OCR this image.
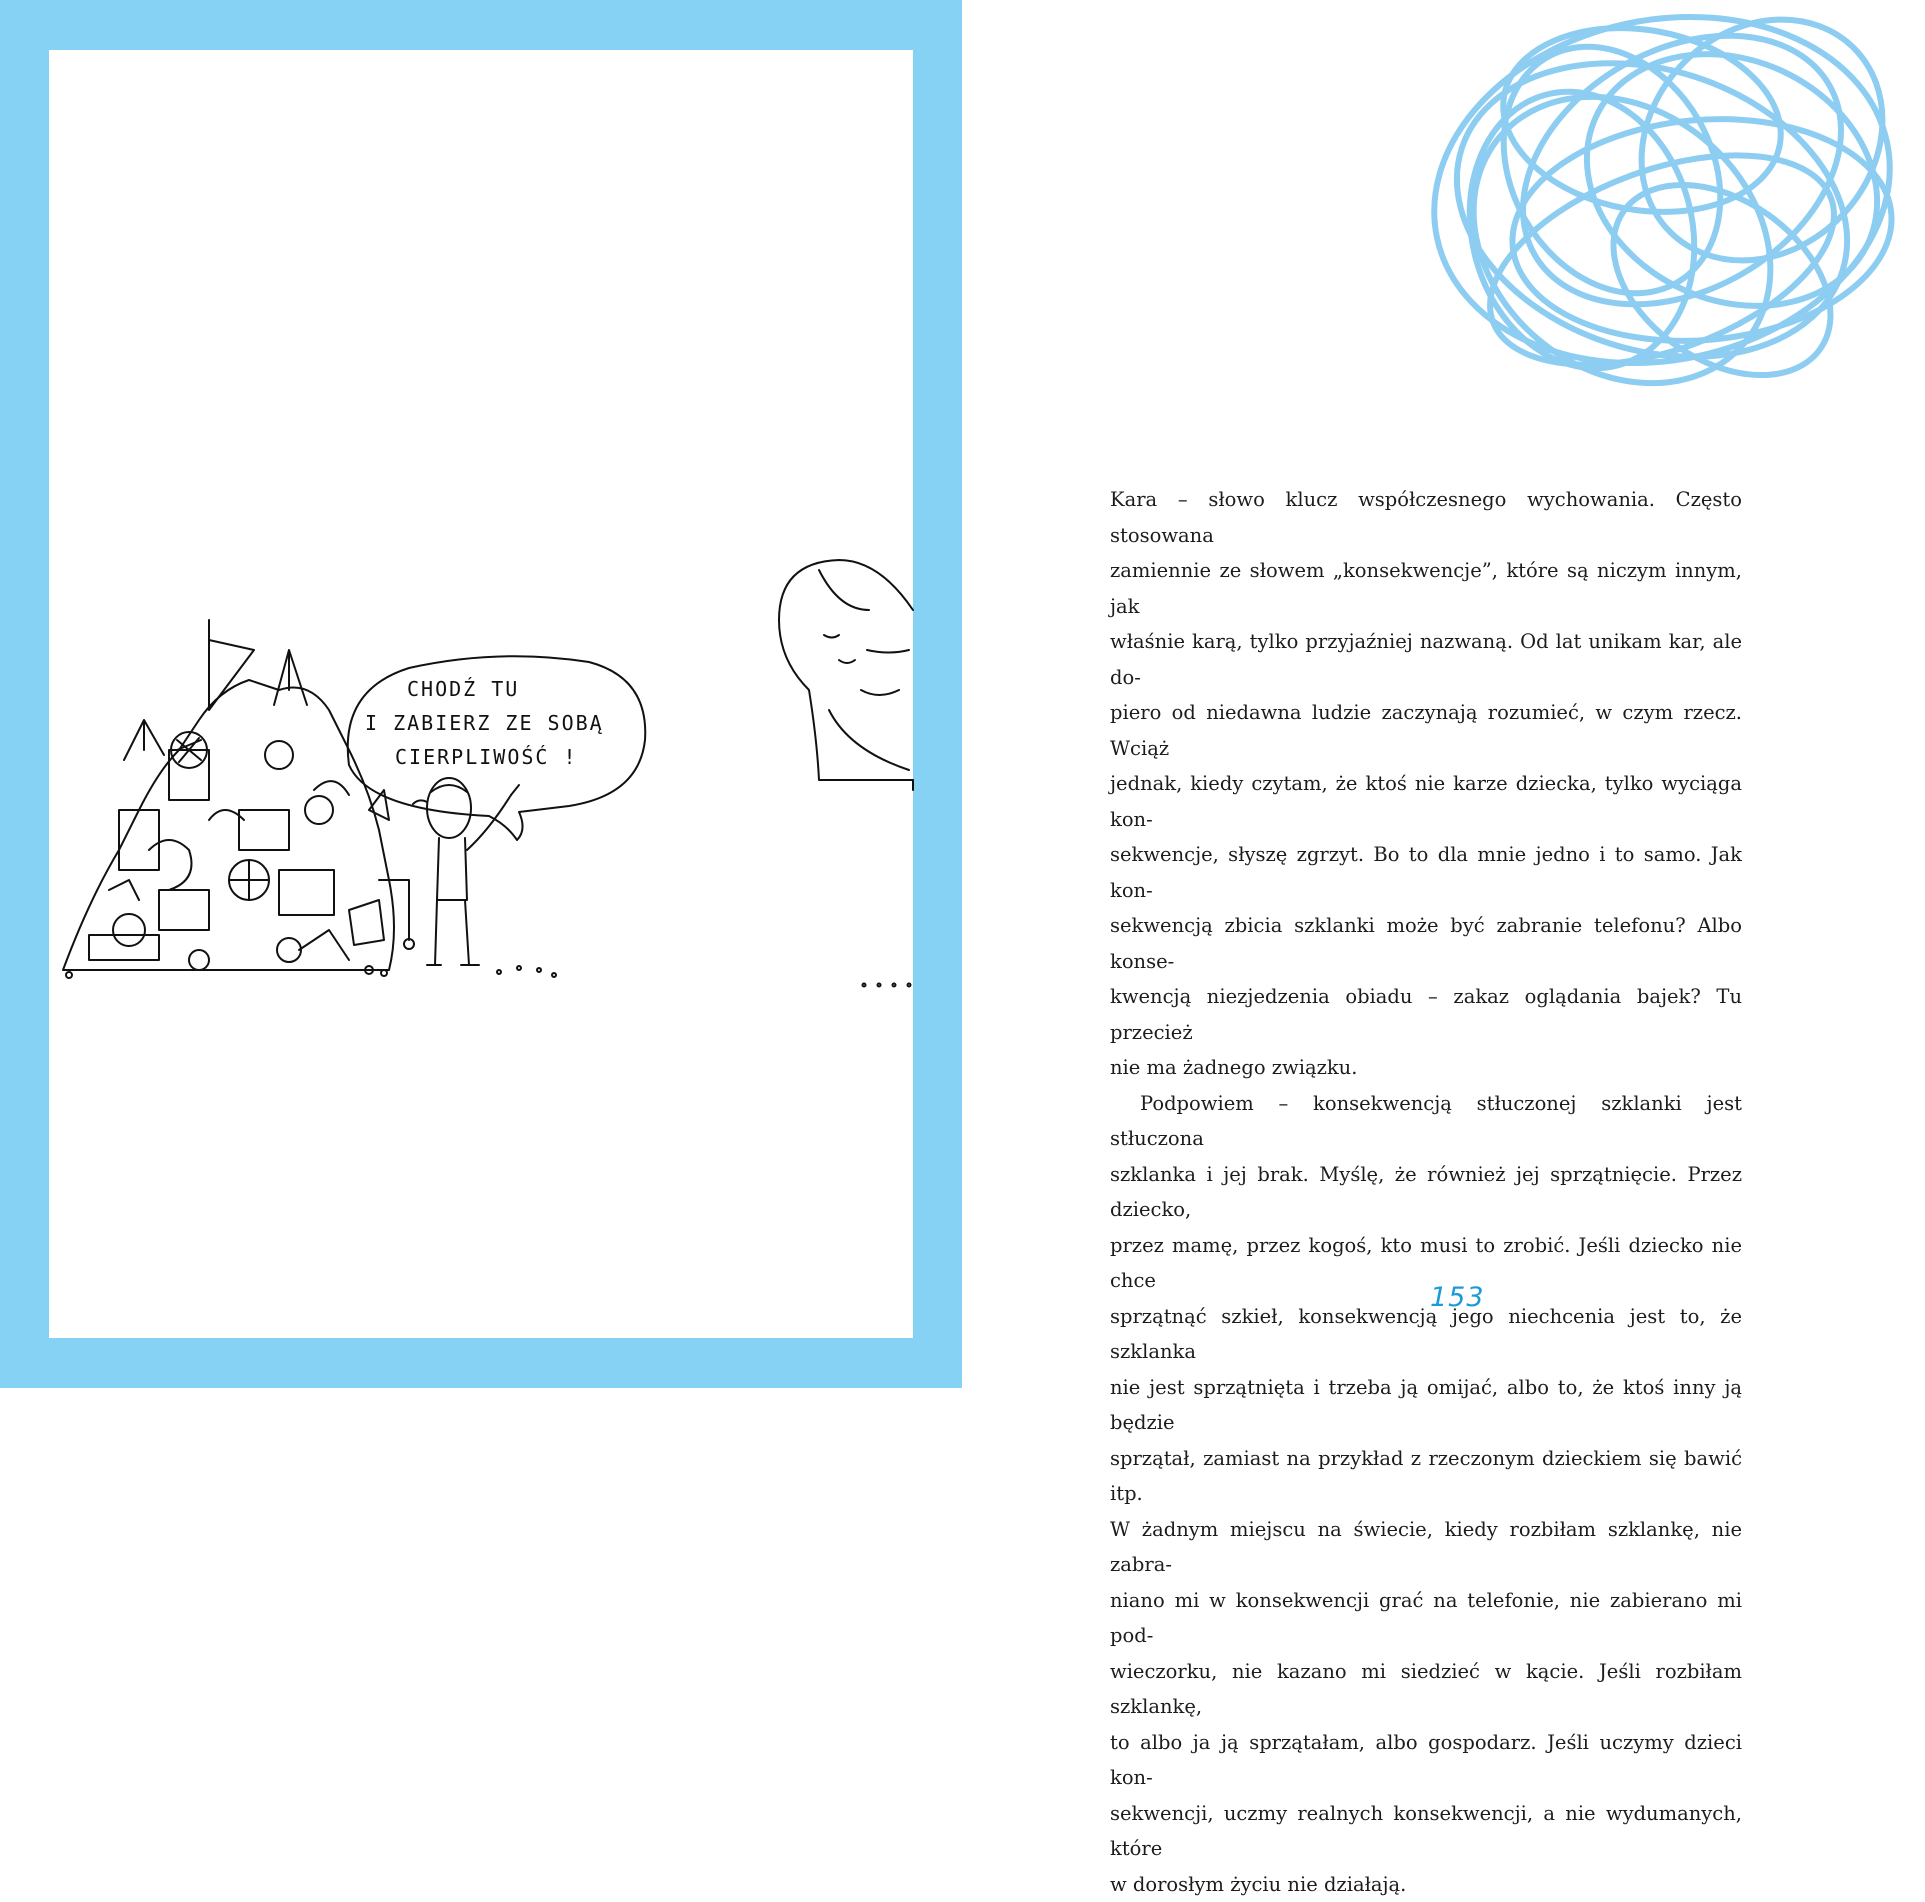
CHODŹ TU
I ZABIERZ ZE SOBĄ
CIERPLIWOŚĆ !
Kara – słowo klucz współczesnego wychowania. Często stosowana
zamiennie ze słowem „konsekwencje”, które są niczym innym, jak
właśnie karą, tylko przyjaźniej nazwaną. Od lat unikam kar, ale do-
piero od niedawna ludzie zaczynają rozumieć, w czym rzecz. Wciąż
jednak, kiedy czytam, że ktoś nie karze dziecka, tylko wyciąga kon-
sekwencje, słyszę zgrzyt. Bo to dla mnie jedno i to samo. Jak kon-
sekwencją zbicia szklanki może być zabranie telefonu? Albo konse-
kwencją niezjedzenia obiadu – zakaz oglądania bajek? Tu przecież
nie ma żadnego związku.
Podpowiem – konsekwencją stłuczonej szklanki jest stłuczona
szklanka i jej brak. Myślę, że również jej sprzątnięcie. Przez dziecko,
przez mamę, przez kogoś, kto musi to zrobić. Jeśli dziecko nie chce
sprzątnąć szkieł, konsekwencją jego niechcenia jest to, że szklanka
nie jest sprzątnięta i trzeba ją omijać, albo to, że ktoś inny ją będzie
sprzątał, zamiast na przykład z rzeczonym dzieckiem się bawić itp.
W żadnym miejscu na świecie, kiedy rozbiłam szklankę, nie zabra-
niano mi w konsekwencji grać na telefonie, nie zabierano mi pod-
wieczorku, nie kazano mi siedzieć w kącie. Jeśli rozbiłam szklankę,
to albo ja ją sprzątałam, albo gospodarz. Jeśli uczymy dzieci kon-
sekwencji, uczmy realnych konsekwencji, a nie wydumanych, które
w dorosłym życiu nie działają.
153
